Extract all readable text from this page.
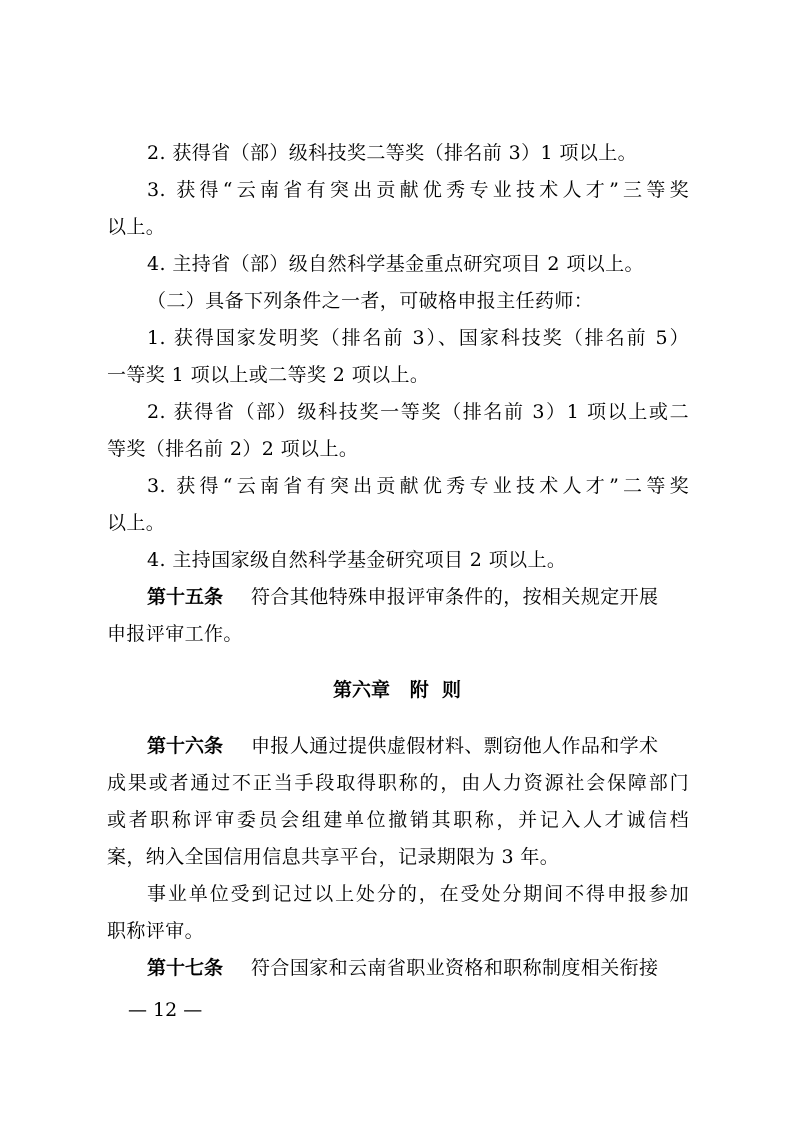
2. 获得省（部）级科技奖二等奖（排名前 3）1 项以上。
3. 获得“云南省有突出贡献优秀专业技术人才”三等奖
以上。
4. 主持省（部）级自然科学基金重点研究项目 2 项以上。
（二）具备下列条件之一者，可破格申报主任药师：
1. 获得国家发明奖（排名前 3）、国家科技奖（排名前 5）
一等奖 1 项以上或二等奖 2 项以上。
2. 获得省（部）级科技奖一等奖（排名前 3）1 项以上或二
等奖（排名前 2）2 项以上。
3. 获得“云南省有突出贡献优秀专业技术人才”二等奖
以上。
4. 主持国家级自然科学基金研究项目 2 项以上。
第十五条 符合其他特殊申报评审条件的，按相关规定开展
申报评审工作。
第六章   附  则
第十六条 申报人通过提供虚假材料、剽窃他人作品和学术
成果或者通过不正当手段取得职称的，由人力资源社会保障部门
或者职称评审委员会组建单位撤销其职称，并记入人才诚信档
案，纳入全国信用信息共享平台，记录期限为 3 年。
事业单位受到记过以上处分的，在受处分期间不得申报参加
职称评审。
第十七条 符合国家和云南省职业资格和职称制度相关衔接
— 12 —
